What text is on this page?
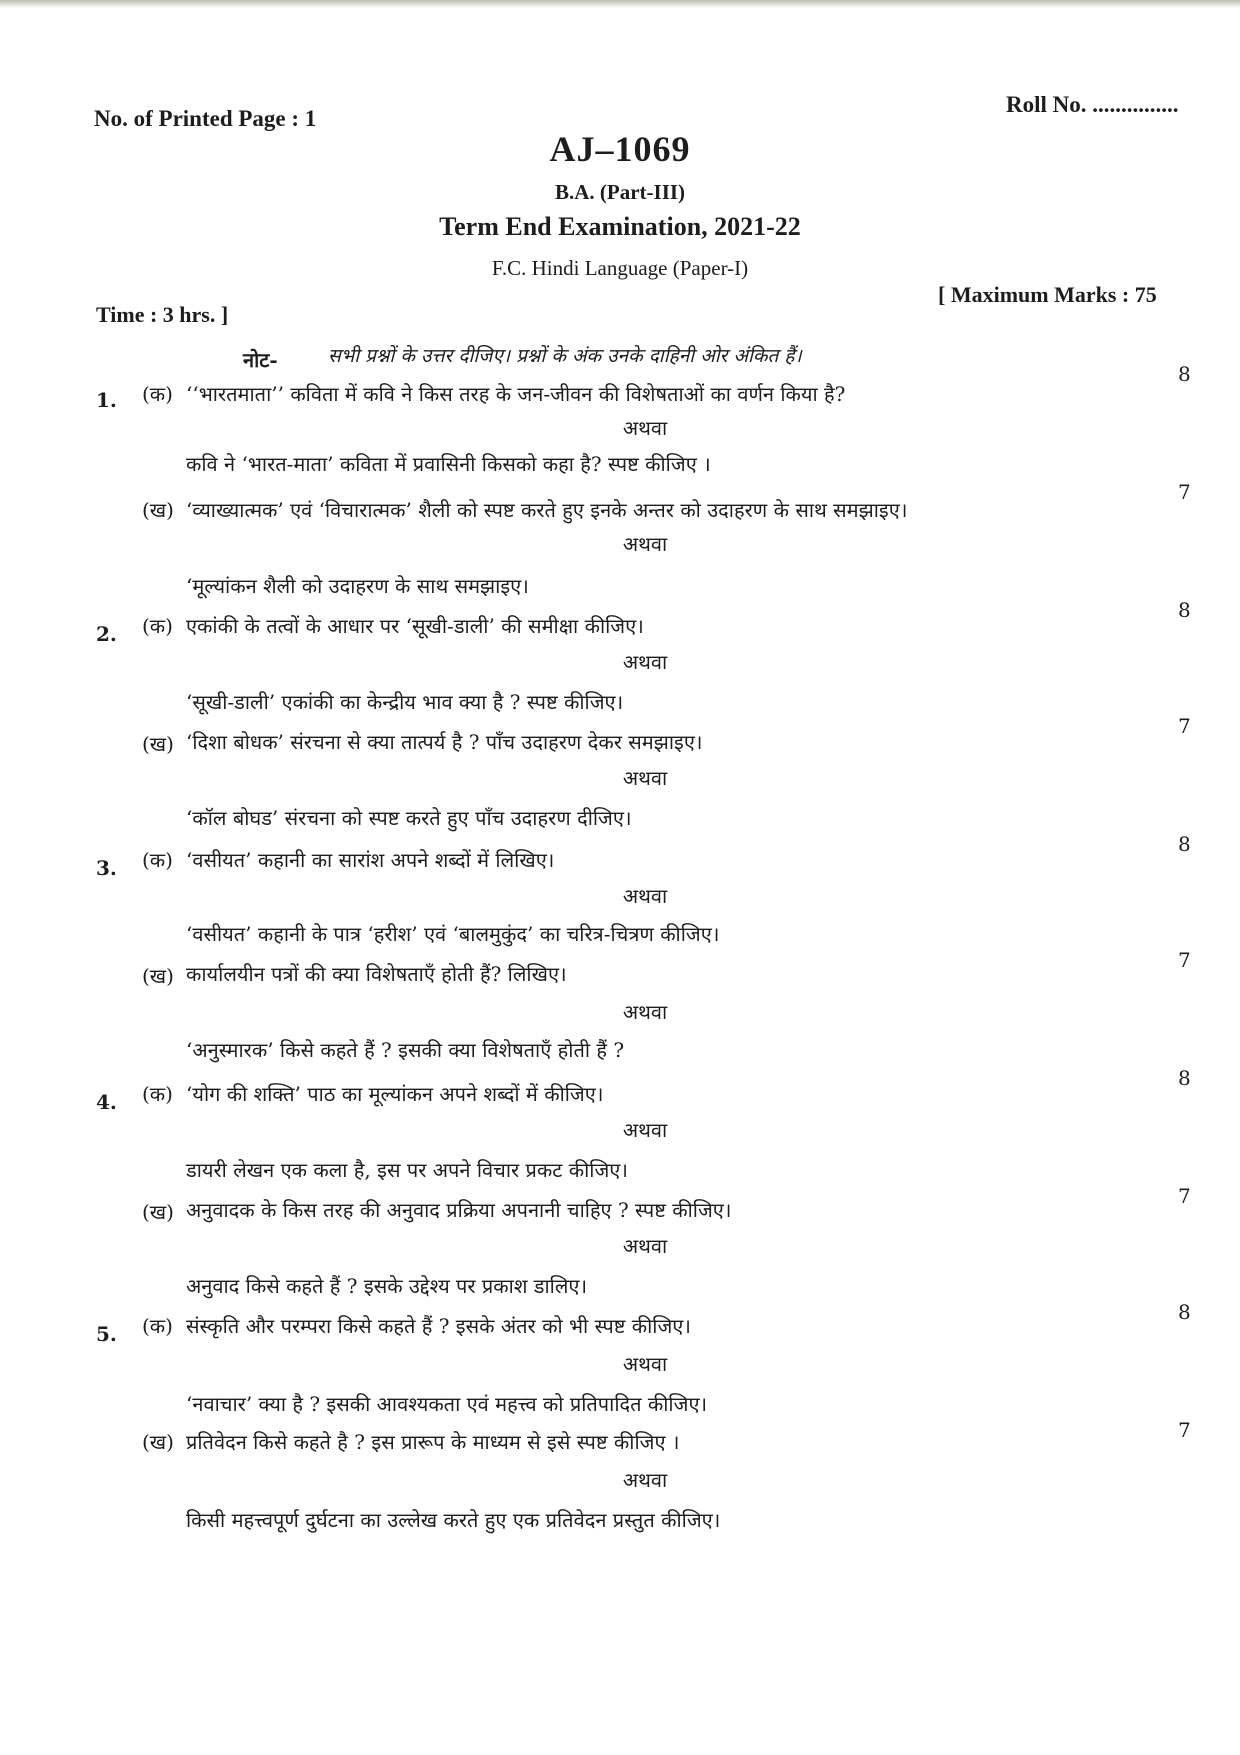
No. of Printed Page : 1
Roll No. ...............
AJ–1069
B.A. (Part-III)
Term End Examination, 2021-22
F.C. Hindi Language (Paper-I)
Time : 3 hrs. ]
[ Maximum Marks : 75
नोट-	सभी प्रश्नों के उत्तर दीजिए। प्रश्नों के अंक उनके दाहिनी ओर अंकित हैं।
1. (क) ‘‘भारतमाता’’ कविता में कवि ने किस तरह के जन-जीवन की विशेषताओं का वर्णन किया है?
8
अथवा
कवि ने ‘भारत-माता’ कविता में प्रवासिनी किसको कहा है? स्पष्ट कीजिए ।
(ख) ‘व्याख्यात्मक’ एवं ‘विचारात्मक’ शैली को स्पष्ट करते हुए इनके अन्तर को उदाहरण के साथ समझाइए।
7
अथवा
‘मूल्यांकन शैली को उदाहरण के साथ समझाइए।
2. (क) एकांकी के तत्वों के आधार पर ‘सूखी-डाली’ की समीक्षा कीजिए।
8
अथवा
‘सूखी-डाली’ एकांकी का केन्द्रीय भाव क्या है ? स्पष्ट कीजिए।
(ख) ‘दिशा बोधक’ संरचना से क्या तात्पर्य है ? पाँच उदाहरण देकर समझाइए।
7
अथवा
‘कॉल बोघड’ संरचना को स्पष्ट करते हुए पाँच उदाहरण दीजिए।
3. (क) ‘वसीयत’ कहानी का सारांश अपने शब्दों में लिखिए।
8
अथवा
‘वसीयत’ कहानी के पात्र ‘हरीश’ एवं ‘बालमुकुंद’ का चरित्र-चित्रण कीजिए।
(ख) कार्यालयीन पत्रों की क्या विशेषताएँ होती हैं? लिखिए।
7
अथवा
‘अनुस्मारक’ किसे कहते हैं ? इसकी क्या विशेषताएँ होती हैं ?
4. (क) ‘योग की शक्ति’ पाठ का मूल्यांकन अपने शब्दों में कीजिए।
8
अथवा
डायरी लेखन एक कला है, इस पर अपने विचार प्रकट कीजिए।
(ख) अनुवादक के किस तरह की अनुवाद प्रक्रिया अपनानी चाहिए ? स्पष्ट कीजिए।
7
अथवा
अनुवाद किसे कहते हैं ? इसके उद्देश्य पर प्रकाश डालिए।
5. (क) संस्कृति और परम्परा किसे कहते हैं ? इसके अंतर को भी स्पष्ट कीजिए।
8
अथवा
‘नवाचार’ क्या है ? इसकी आवश्यकता एवं महत्त्व को प्रतिपादित कीजिए।
(ख) प्रतिवेदन किसे कहते है ? इस प्रारूप के माध्यम से इसे स्पष्ट कीजिए ।	7
अथवा
किसी महत्त्वपूर्ण दुर्घटना का उल्लेख करते हुए एक प्रतिवेदन प्रस्तुत कीजिए।
